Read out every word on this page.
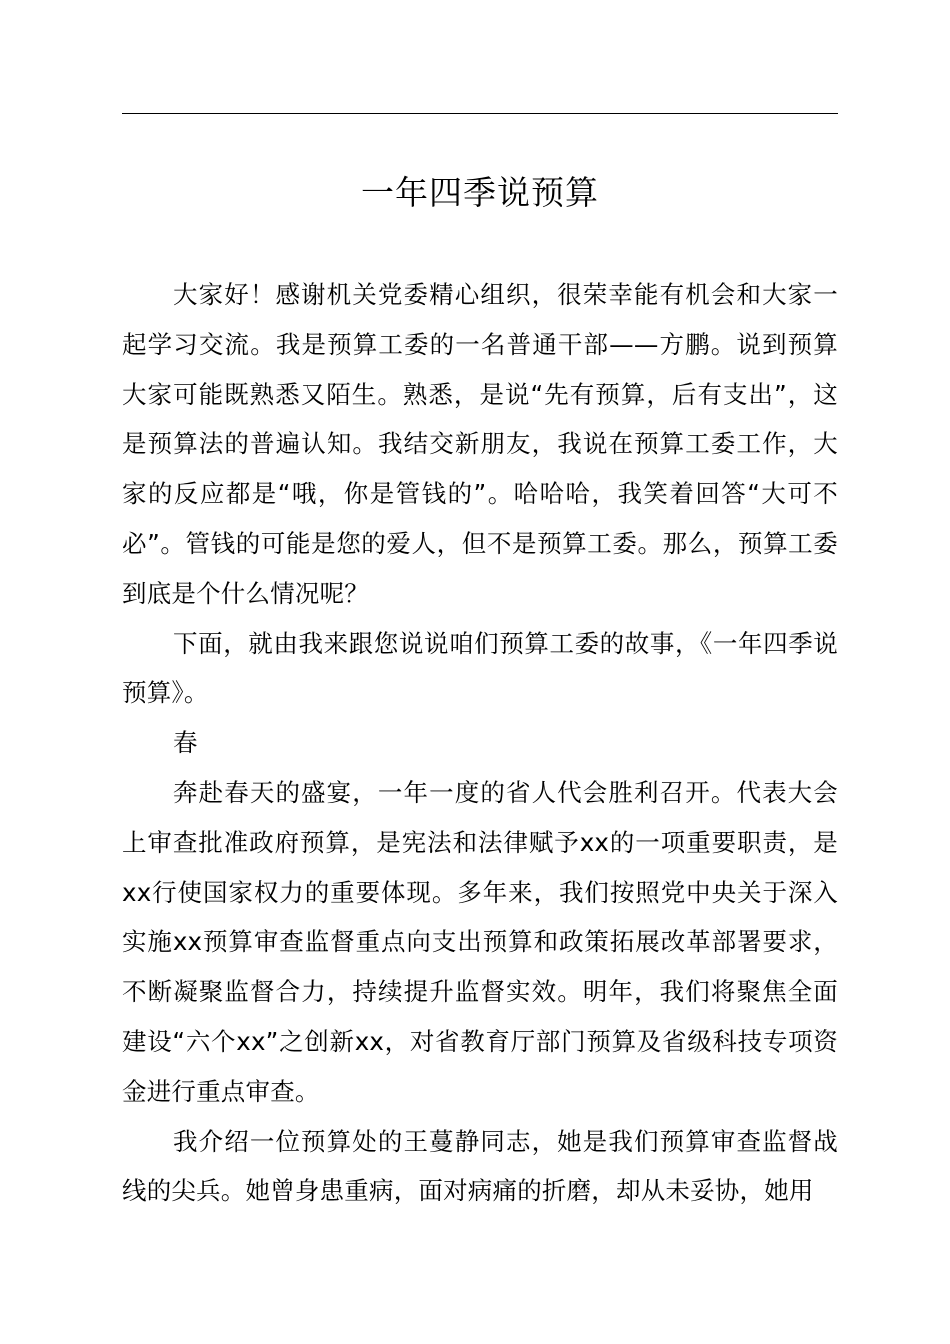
一年四季说预算

大家好！感谢机关党委精心组织，很荣幸能有机会和大家一起学习交流。我是预算工委的一名普通干部——方鹏。说到预算大家可能既熟悉又陌生。熟悉，是说“先有预算，后有支出”，这是预算法的普遍认知。我结交新朋友，我说在预算工委工作，大家的反应都是“哦，你是管钱的”。哈哈哈，我笑着回答“大可不必”。管钱的可能是您的爱人，但不是预算工委。那么，预算工委到底是个什么情况呢？

下面，就由我来跟您说说咱们预算工委的故事，《一年四季说预算》。

春

奔赴春天的盛宴，一年一度的省人代会胜利召开。代表大会上审查批准政府预算，是宪法和法律赋予xx的一项重要职责，是xx行使国家权力的重要体现。多年来，我们按照党中央关于深入实施xx预算审查监督重点向支出预算和政策拓展改革部署要求，不断凝聚监督合力，持续提升监督实效。明年，我们将聚焦全面建设“六个xx”之创新xx，对省教育厅部门预算及省级科技专项资金进行重点审查。

我介绍一位预算处的王蔓静同志，她是我们预算审查监督战线的尖兵。她曾身患重病，面对病痛的折磨，却从未妥协，她用
